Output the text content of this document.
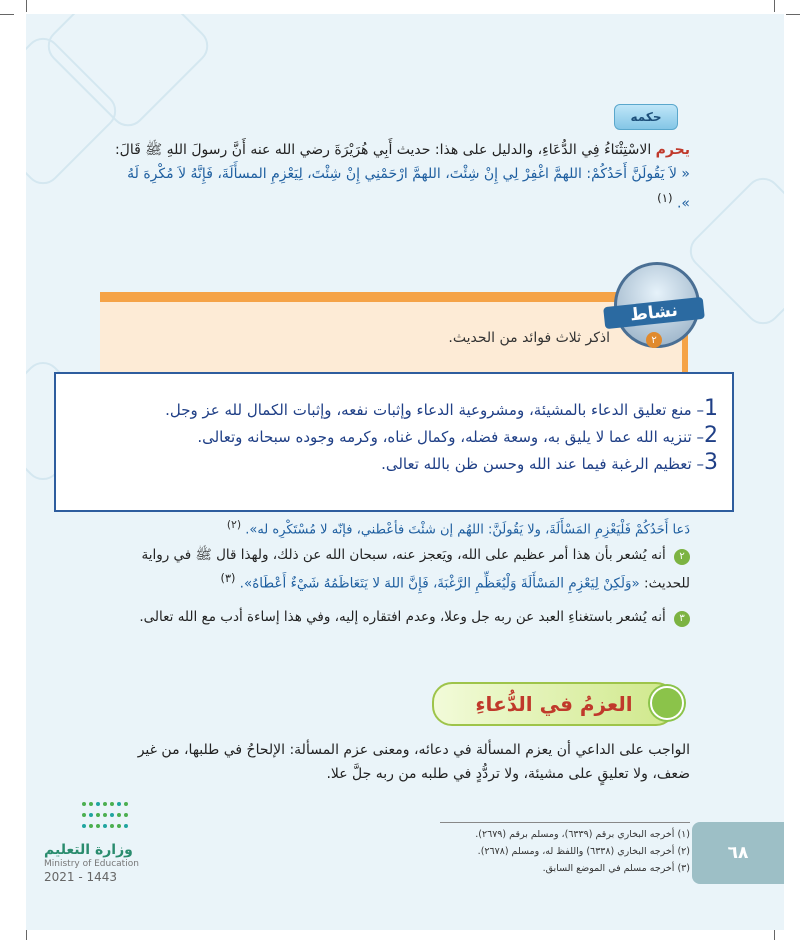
حكمه
يحرم الاسْتِثْنَاءُ فِي الدُّعَاءِ، والدليل على هذا: حديث أَبِي هُرَيْرَةَ رضي الله عنه أَنَّ رسولَ اللهِ ﷺ قَالَ: « لاَ يَقُولَنَّ أَحَدُكُمْ: اللهمَّ اغْفِرْ لِي إِنْ شِئْتَ، اللهمَّ ارْحَمْنِي إِنْ شِئْتَ، لِيَعْزِمِ المسأَلَةَ، فَإِنَّهُ لاَ مُكْرِهَ لَهُ ». $^{(١)}$
اذكر ثلاث فوائد من الحديث.
نشاط
٢
1– منع تعليق الدعاء بالمشيئة، ومشروعية الدعاء وإثبات نفعه، وإثبات الكمال لله عز وجل.
2– تنزيه الله عما لا يليق به، وسعة فضله، وكمال غناه، وكرمه وجوده سبحانه وتعالى.
3– تعظيم الرغبة فيما عند الله وحسن ظن بالله تعالى.
دَعا أَحَدُكُمْ فَلْيَعْزِمِ المَسْأَلَةَ، ولا يَقُولَنَّ: اللهُم إن شئْتَ فأعْطني، فإنّه لا مُسْتَكْرِه له». $^{(٢)}$
٢ أنه يُشعر بأن هذا أمر عظيم على الله، ويَعجز عنه، سبحان الله عن ذلك، ولهذا قال ﷺ في رواية للحديث: «وَلَكِنْ لِيَعْزِمِ المَسْأَلَةَ وَلْيُعَظِّمِ الرَّغْبَةَ، فَإِنَّ اللهَ لا يَتَعَاظَمُهُ شَيْءٌ أَعْطَاهُ». $^{(٣)}$
٣ أنه يُشعر باستغناءِ العبد عن ربه جل وعلا، وعدم افتقاره إليه، وفي هذا إساءة أدب مع الله تعالى.
العزمُ في الدُّعاءِ
الواجب على الداعي أن يعزم المسألة في دعائه، ومعنى عزم المسألة: الإلحاحُ في طلبها، من غير ضعف، ولا تعليقٍ على مشيئة، ولا تردُّدٍ في طلبه من ربه جلَّ علا.
(١) أخرجه البخاري برقم (٦٣٣٩)، ومسلم برقم (٢٦٧٩).
(٢) أخرجه البخاري (٦٣٣٨) واللفظ له، ومسلم (٢٦٧٨).
(٣) أخرجه مسلم في الموضع السابق.
٦٨
وزارة التعليم
Ministry of Education
2021 - 1443
